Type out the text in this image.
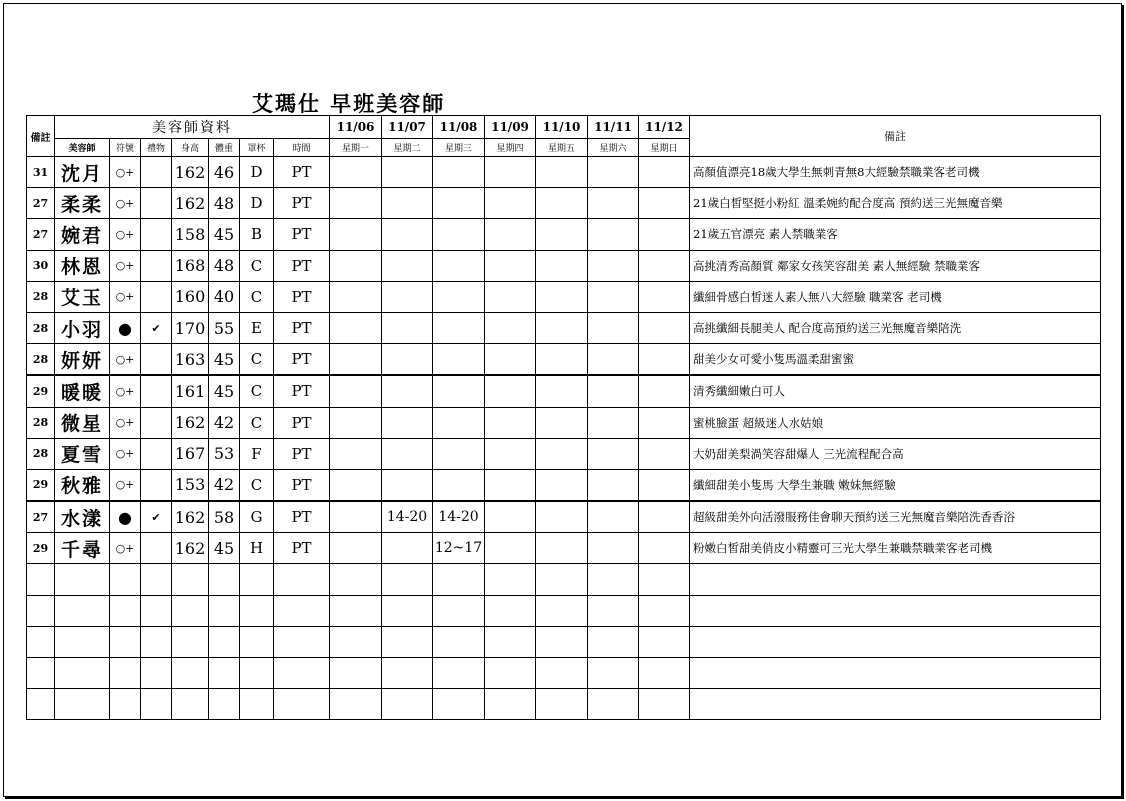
艾瑪仕 早班美容師
備註	美容師資料							11/06	11/07	11/08	11/09	11/10	11/11	11/12	備註
	美容師	符號	禮物	身高	體重	罩杯	時間	星期一	星期二	星期三	星期四	星期五	星期六	星期日	
31	沈月	○+		162	46	D	PT								高顏值漂亮18歲大學生無刺青無8大經驗禁職業客老司機
27	柔柔	○+		162	48	D	PT								21歲白皙堅挺小粉紅 溫柔婉約配合度高 預約送三光無魔音樂
27	婉君	○+		158	45	B	PT								21歲五官漂亮 素人禁職業客
30	林恩	○+		168	48	C	PT								高挑清秀高顏質 鄰家女孩笑容甜美 素人無經驗 禁職業客
28	艾玉	○+		160	40	C	PT								纖細骨感白皙迷人素人無八大經驗 職業客 老司機
28	小羽	●	✔	170	55	E	PT								高挑纖細長腿美人 配合度高預約送三光無魔音樂陪洗
28	妍妍	○+		163	45	C	PT								甜美少女可愛小隻馬溫柔甜蜜蜜
29	暖暖	○+		161	45	C	PT								清秀纖細嫩白可人
28	微星	○+		162	42	C	PT								蜜桃臉蛋 超級迷人水姑娘
28	夏雪	○+		167	53	F	PT								大奶甜美梨渦笑容甜爆人 三光流程配合高
29	秋雅	○+		153	42	C	PT								纖細甜美小隻馬 大學生兼職 嫩妹無經驗
27	水漾	●	✔	162	58	G	PT		14-20	14-20					超級甜美外向活潑服務佳會聊天預約送三光無魔音樂陪洗香香浴
29	千尋	○+		162	45	H	PT			12~17					粉嫩白皙甜美俏皮小精靈可三光大學生兼職禁職業客老司機
